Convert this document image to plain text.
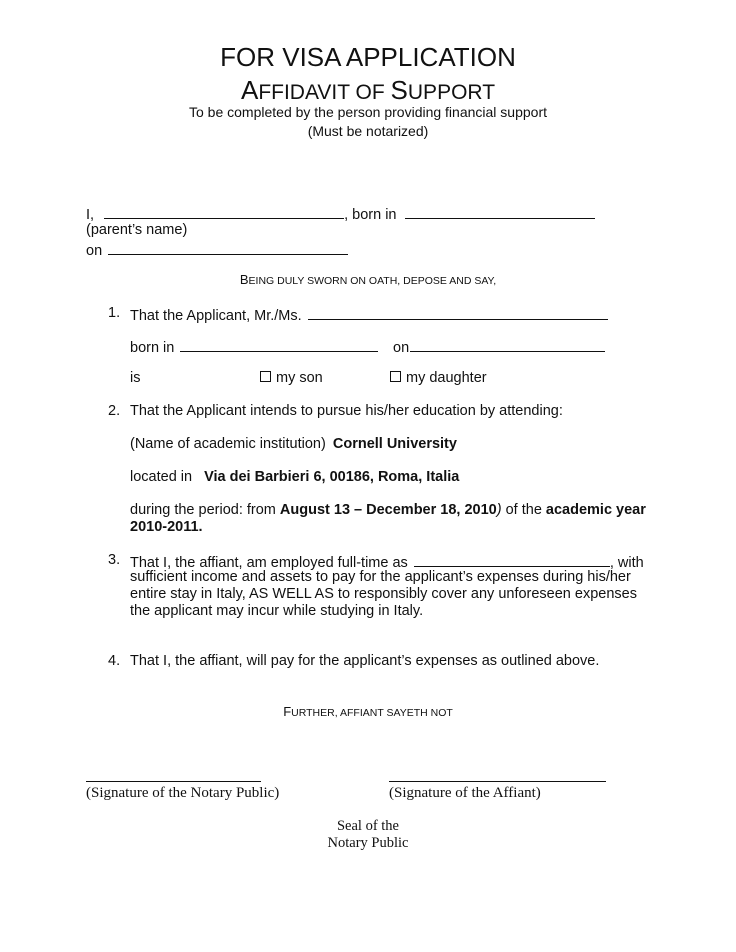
FOR VISA APPLICATION
AFFIDAVIT OF SUPPORT
To be completed by the person providing financial support
(Must be notarized)
I,	, born in
(parent’s name)
on
BEING DULY SWORN ON OATH, DEPOSE AND SAY,
1. That the Applicant, Mr./Ms.
born in	on
is	my son	my daughter
2. That the Applicant intends to pursue his/her education by attending:
(Name of academic institution) Cornell University
located in Via dei Barbieri 6, 00186, Roma, Italia
during the period: from August 13 – December 18, 2010) of the academic year
2010-2011.
3. That I, the affiant, am employed full-time as	, with
sufficient income and assets to pay for the applicant’s expenses during his/her
entire stay in Italy, AS WELL AS to responsibly cover any unforeseen expenses
the applicant may incur while studying in Italy.
4. That I, the affiant, will pay for the applicant’s expenses as outlined above.
FURTHER, AFFIANT SAYETH NOT
(Signature of the Notary Public)	(Signature of the Affiant)
Seal of the
Notary Public
